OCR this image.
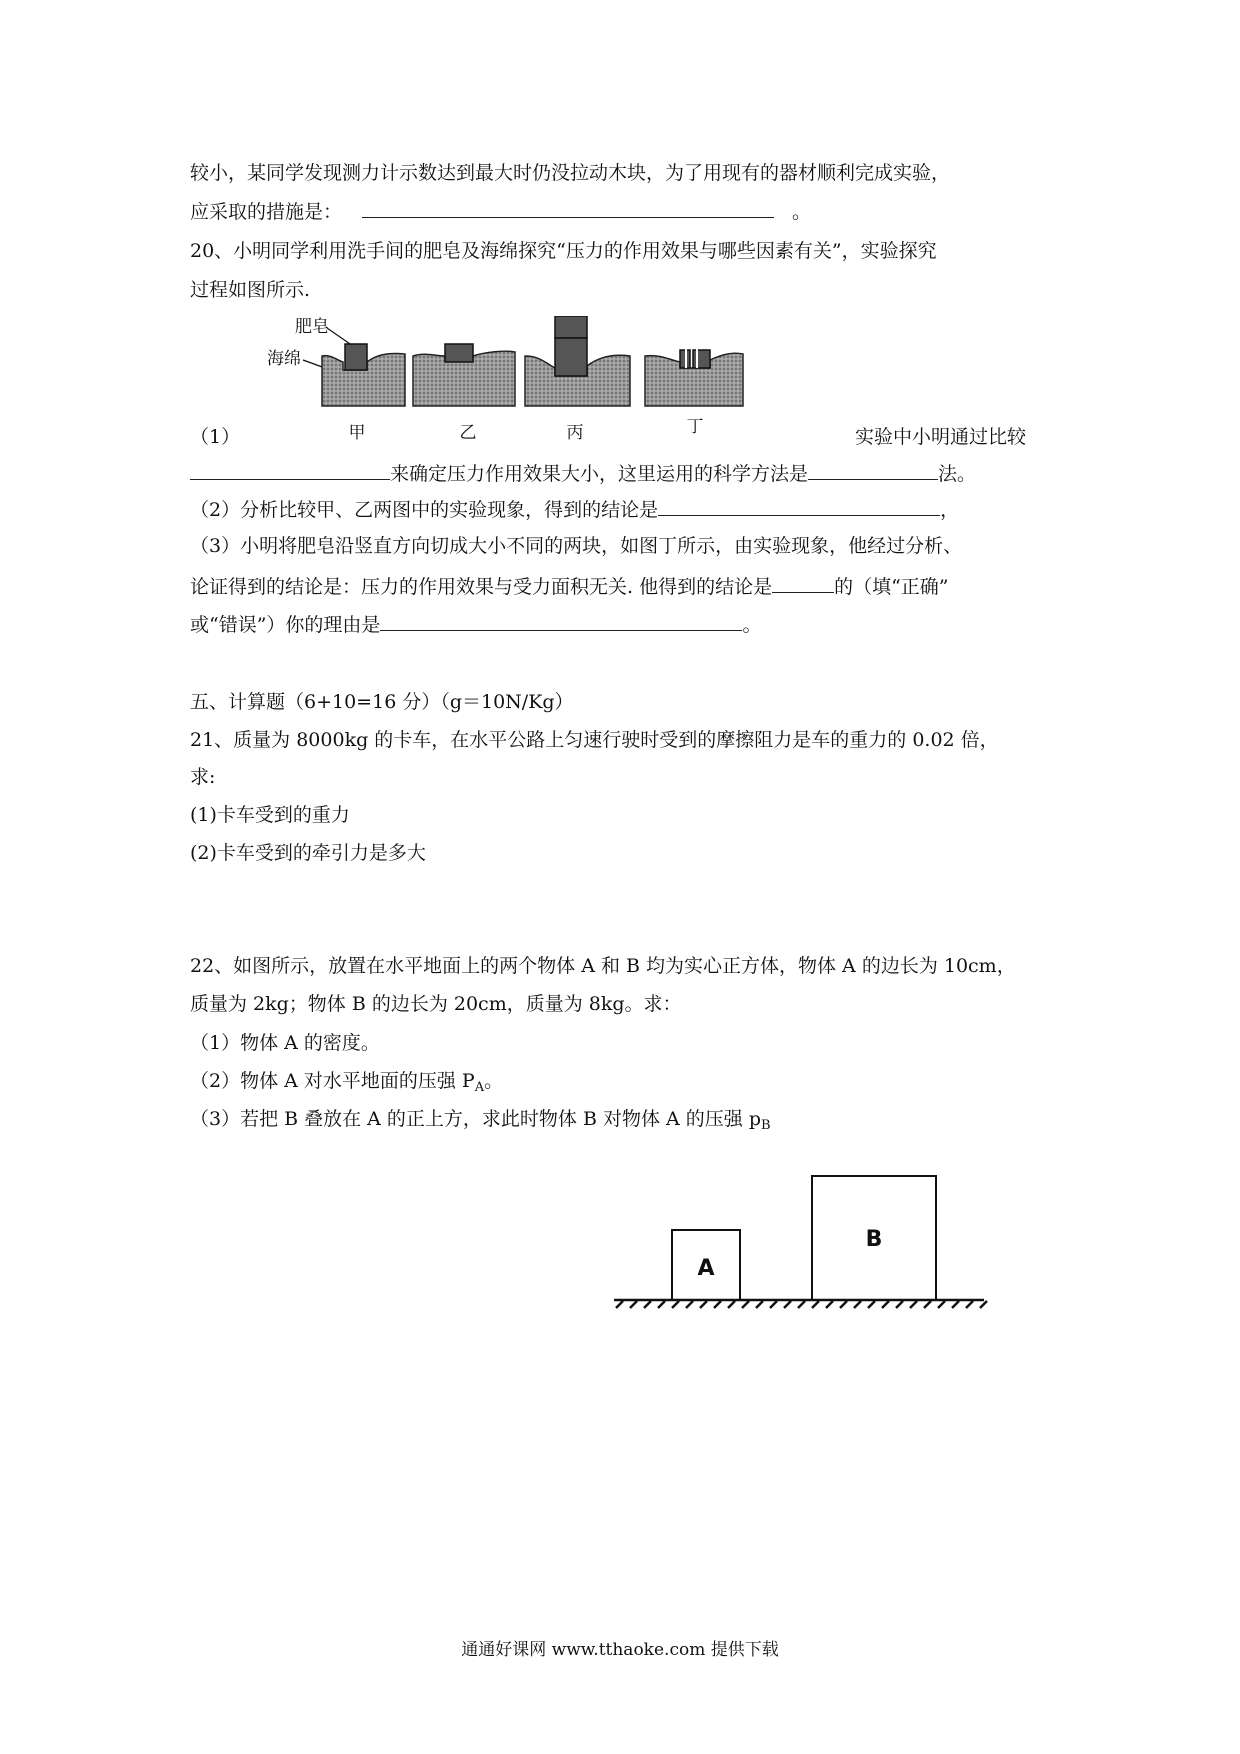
较小，某同学发现测力计示数达到最大时仍没拉动木块，为了用现有的器材顺利完成实验，
应采取的措施是：	。
20、小明同学利用洗手间的肥皂及海绵探究“压力的作用效果与哪些因素有关”，实验探究
过程如图所示.
肥皂
海绵
甲	乙	丙	丁
（1）	实验中小明通过比较
来确定压力作用效果大小，这里运用的科学方法是	法。
（2）分析比较甲、乙两图中的实验现象，得到的结论是	，
（3）小明将肥皂沿竖直方向切成大小不同的两块，如图丁所示，由实验现象，他经过分析、
论证得到的结论是：压力的作用效果与受力面积无关. 他得到的结论是	的（填“正确”
或“错误”）你的理由是	。
五、计算题（6+10=16 分）（g＝10N/Kg）
21、质量为 8000kg 的卡车，在水平公路上匀速行驶时受到的摩擦阻力是车的重力的 0.02 倍，
求:
(1)卡车受到的重力
(2)卡车受到的牵引力是多大
22、如图所示，放置在水平地面上的两个物体 A 和 B 均为实心正方体，物体 A 的边长为 10cm，
质量为 2kg；物体 B 的边长为 20cm，质量为 8kg。求：
（1）物体 A 的密度。
（2）物体 A 对水平地面的压强 $P_A$。
（3）若把 B 叠放在 A 的正上方，求此时物体 B 对物体 A 的压强 $p_B$
A
B
通通好课网 www.tthaoke.com 提供下载
